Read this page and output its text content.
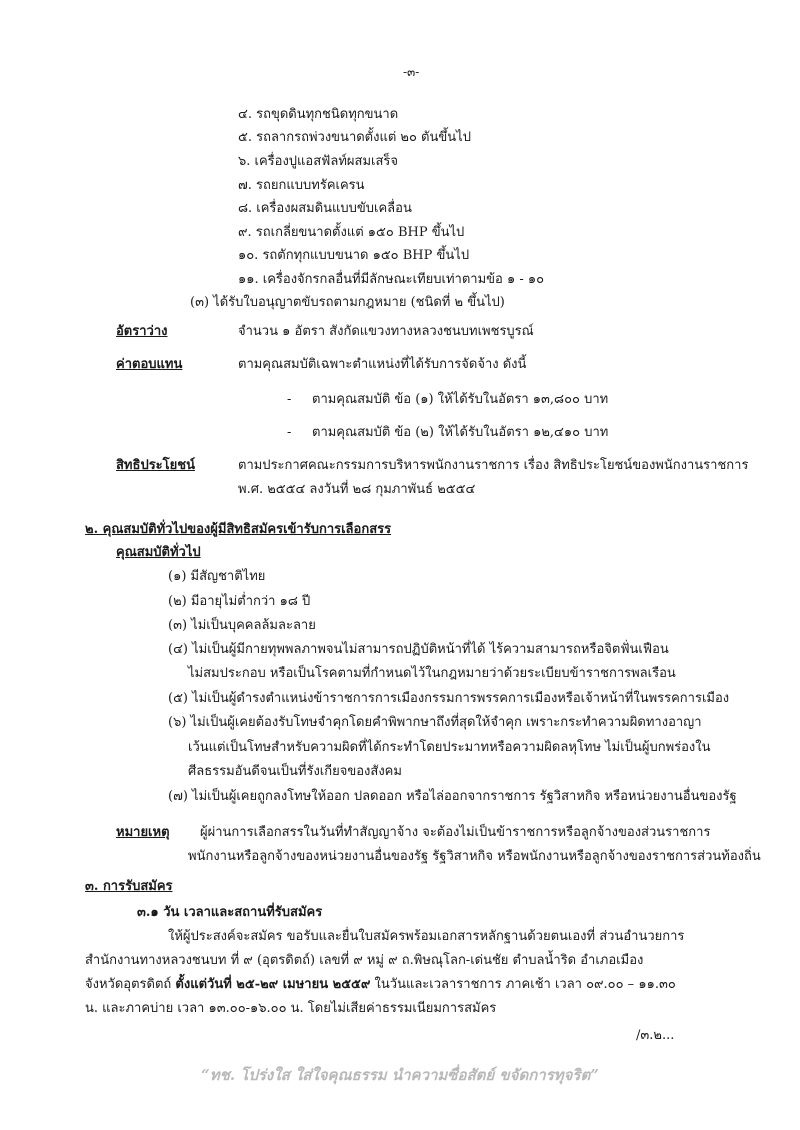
-๓-
๔. รถขุดดินทุกชนิดทุกขนาด
๕. รถลากรถพ่วงขนาดตั้งแต่ ๒๐ ตันขึ้นไป
๖. เครื่องปูแอสฟัลท์ผสมเสร็จ
๗. รถยกแบบทรัคเครน
๘. เครื่องผสมดินแบบขับเคลื่อน
๙. รถเกลี่ยขนาดตั้งแต่ ๑๕๐ BHP ขึ้นไป
๑๐. รถตักทุกแบบขนาด ๑๕๐ BHP ขึ้นไป
๑๑. เครื่องจักรกลอื่นที่มีลักษณะเทียบเท่าตามข้อ ๑ - ๑๐
(๓) ได้รับใบอนุญาตขับรถตามกฎหมาย (ชนิดที่ ๒ ขึ้นไป)
อัตราว่าง	จำนวน ๑ อัตรา สังกัดแขวงทางหลวงชนบทเพชรบูรณ์
ค่าตอบแทน	ตามคุณสมบัติเฉพาะตำแหน่งที่ได้รับการจัดจ้าง ดังนี้
- ตามคุณสมบัติ ข้อ (๑) ให้ได้รับในอัตรา ๑๓,๘๐๐ บาท
- ตามคุณสมบัติ ข้อ (๒) ให้ได้รับในอัตรา ๑๒,๔๑๐ บาท
สิทธิประโยชน์	ตามประกาศคณะกรรมการบริหารพนักงานราชการ เรื่อง สิทธิประโยชน์ของพนักงานราชการ
พ.ศ. ๒๕๕๔ ลงวันที่ ๒๘ กุมภาพันธ์ ๒๕๕๔
๒. คุณสมบัติทั่วไปของผู้มีสิทธิสมัครเข้ารับการเลือกสรร
คุณสมบัติทั่วไป
(๑) มีสัญชาติไทย
(๒) มีอายุไม่ต่ำกว่า ๑๘ ปี
(๓) ไม่เป็นบุคคลล้มละลาย
(๔) ไม่เป็นผู้มีกายทุพพลภาพจนไม่สามารถปฏิบัติหน้าที่ได้ ไร้ความสามารถหรือจิตฟั่นเฟือน
ไม่สมประกอบ หรือเป็นโรคตามที่กำหนดไว้ในกฎหมายว่าด้วยระเบียบข้าราชการพลเรือน
(๕) ไม่เป็นผู้ดำรงตำแหน่งข้าราชการการเมืองกรรมการพรรคการเมืองหรือเจ้าหน้าที่ในพรรคการเมือง
(๖) ไม่เป็นผู้เคยต้องรับโทษจำคุกโดยคำพิพากษาถึงที่สุดให้จำคุก เพราะกระทำความผิดทางอาญา
เว้นแต่เป็นโทษสำหรับความผิดที่ได้กระทำโดยประมาทหรือความผิดลหุโทษ ไม่เป็นผู้บกพร่องใน
ศีลธรรมอันดีจนเป็นที่รังเกียจของสังคม
(๗) ไม่เป็นผู้เคยถูกลงโทษให้ออก ปลดออก หรือไล่ออกจากราชการ รัฐวิสาหกิจ หรือหน่วยงานอื่นของรัฐ
หมายเหตุ ผู้ผ่านการเลือกสรรในวันที่ทำสัญญาจ้าง จะต้องไม่เป็นข้าราชการหรือลูกจ้างของส่วนราชการ
พนักงานหรือลูกจ้างของหน่วยงานอื่นของรัฐ รัฐวิสาหกิจ หรือพนักงานหรือลูกจ้างของราชการส่วนท้องถิ่น
๓. การรับสมัคร
๓.๑ วัน เวลาและสถานที่รับสมัคร
ให้ผู้ประสงค์จะสมัคร ขอรับและยื่นใบสมัครพร้อมเอกสารหลักฐานด้วยตนเองที่ ส่วนอำนวยการ
สำนักงานทางหลวงชนบท ที่ ๙ (อุตรดิตถ์) เลขที่ ๙ หมู่ ๙ ถ.พิษณุโลก-เด่นชัย ตำบลน้ำริด อำเภอเมือง
จังหวัดอุตรดิตถ์ ตั้งแต่วันที่ ๒๕-๒๙ เมษายน ๒๕๕๙ ในวันและเวลาราชการ ภาคเช้า เวลา ๐๙.๐๐ – ๑๑.๓๐
น. และภาคบ่าย เวลา ๑๓.๐๐-๑๖.๐๐ น. โดยไม่เสียค่าธรรมเนียมการสมัคร
/๓.๒...
“ทช. โปร่งใส ใส่ใจคุณธรรม นำความซื่อสัตย์ ขจัดการทุจริต”
